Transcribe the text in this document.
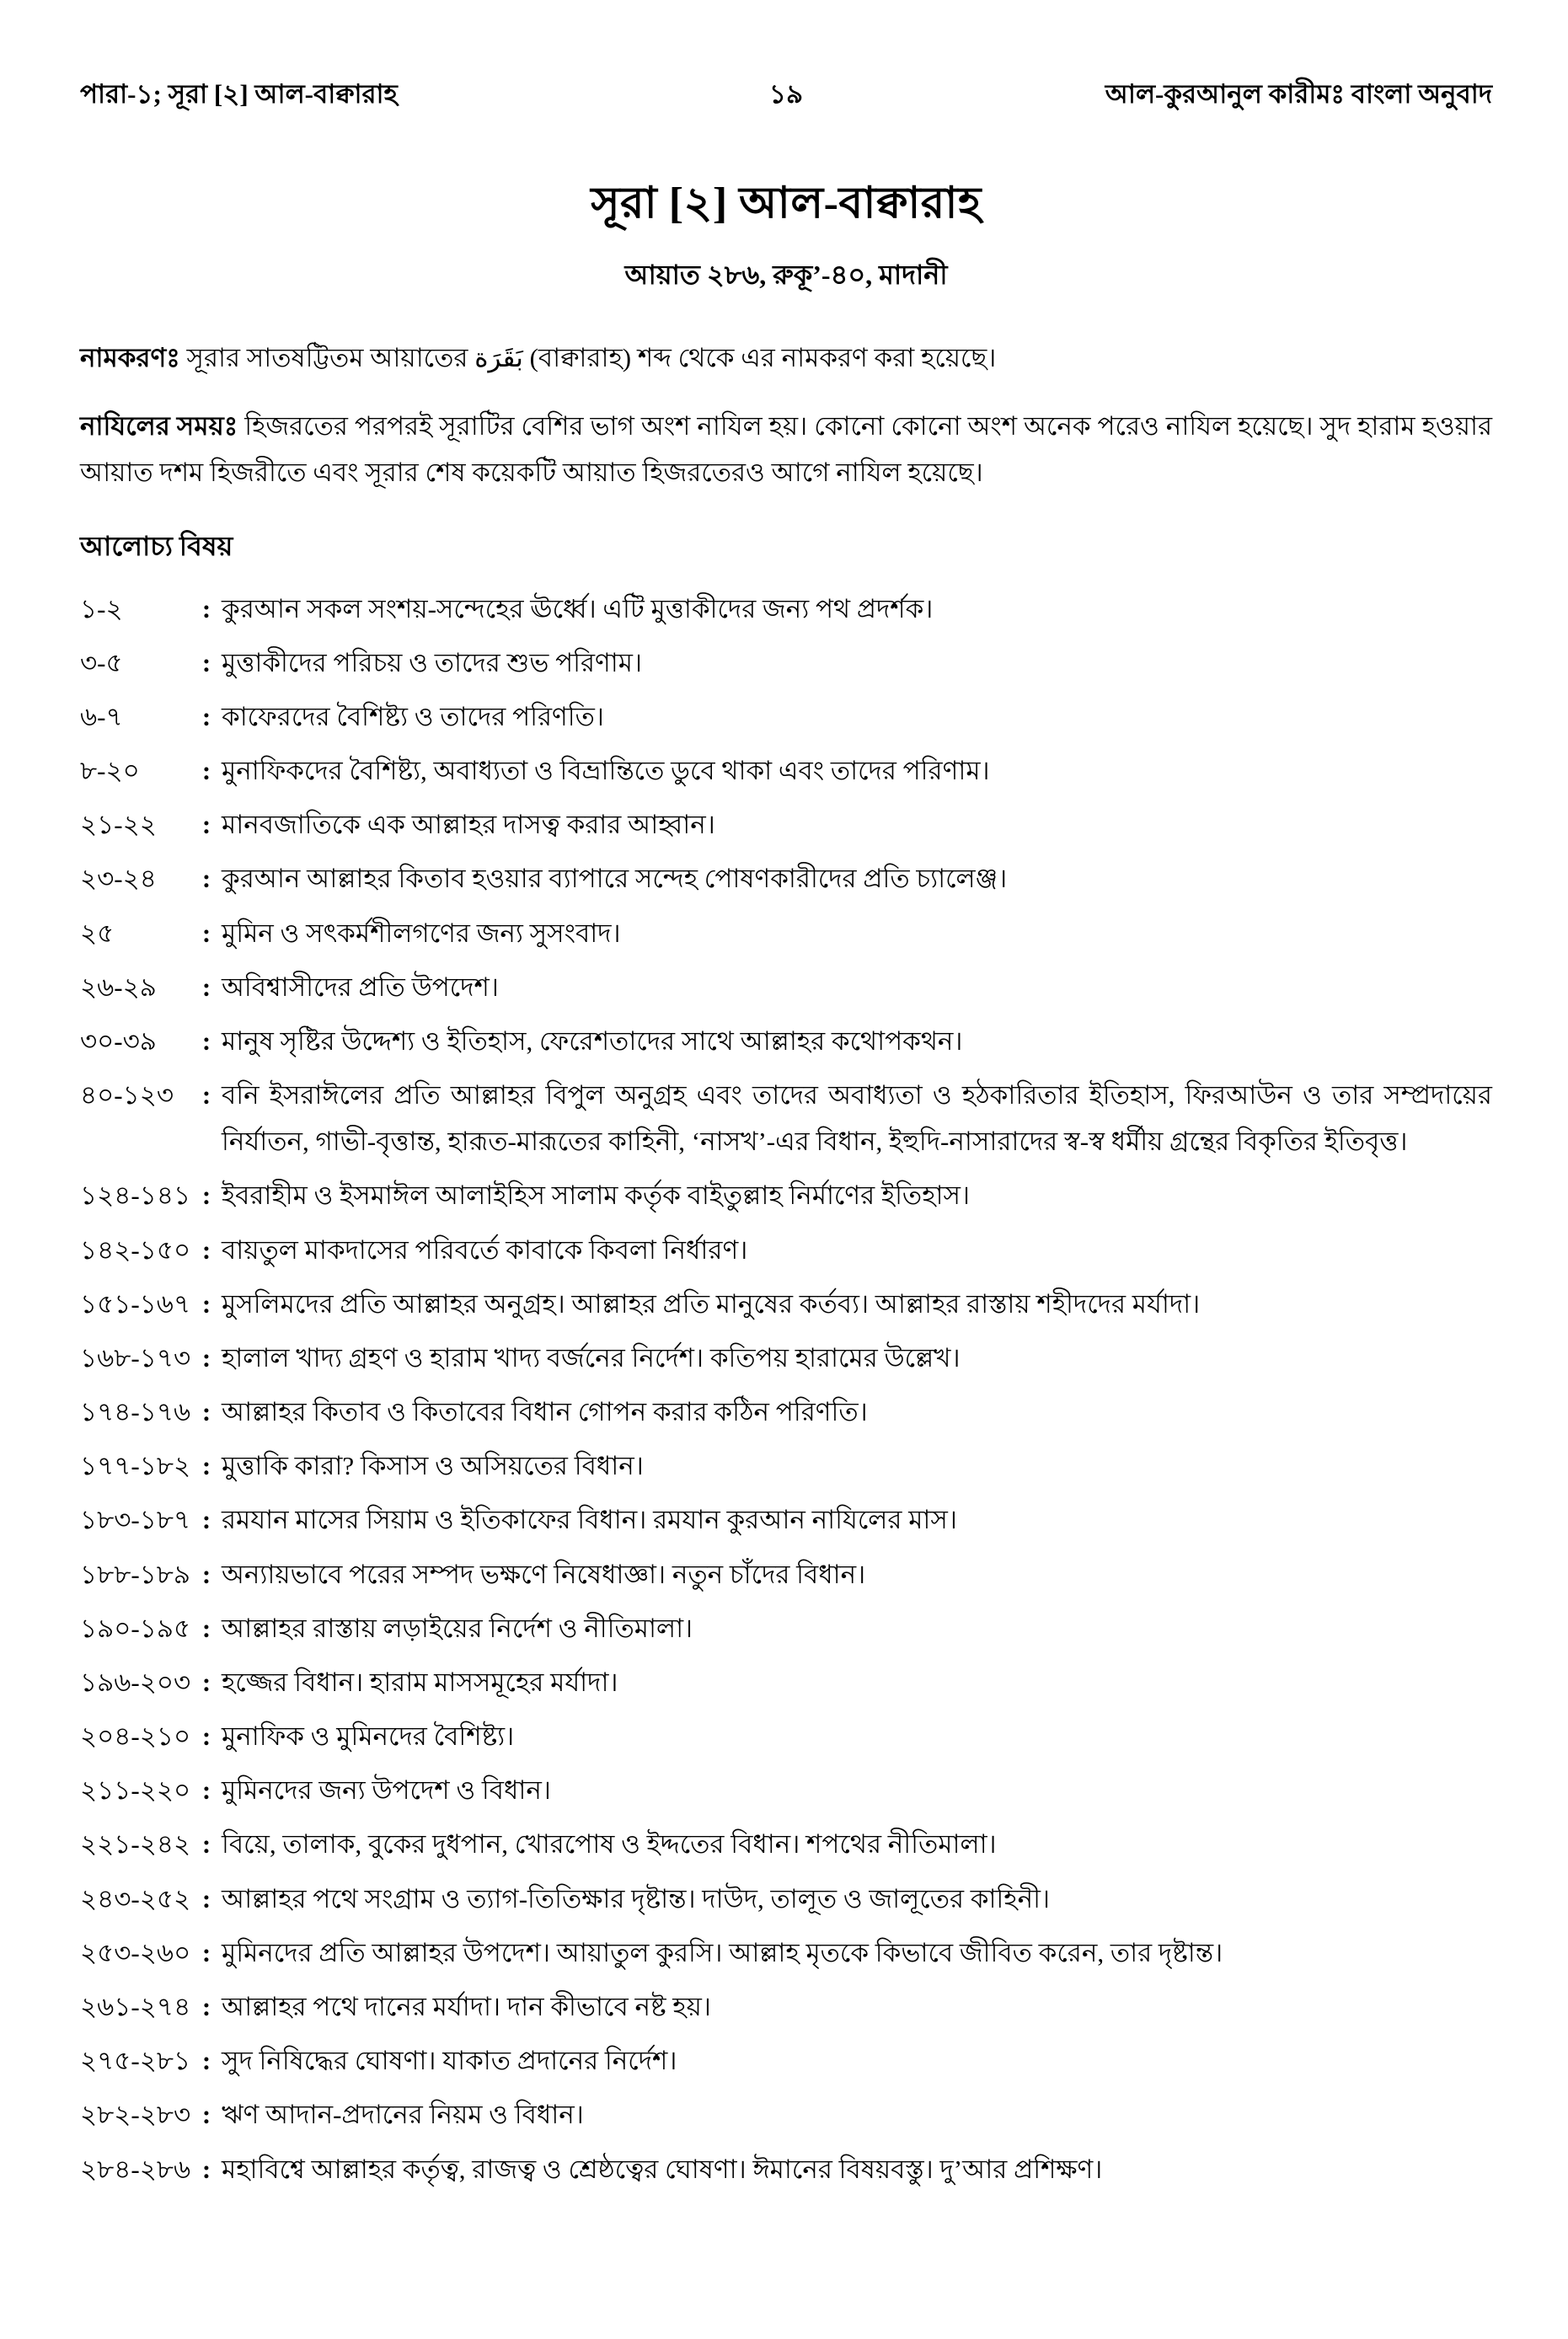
পারা-১; সূরা [২] আল-বাক্বারাহ	১৯	আল-কুরআনুল কারীমঃ বাংলা অনুবাদ
সূরা [২] আল-বাক্বারাহ
আয়াত ২৮৬, রুকূ’-৪০, মাদানী

নামকরণঃ সূরার সাতষট্টিতম আয়াতের بَقَرَة (বাক্বারাহ) শব্দ থেকে এর নামকরণ করা হয়েছে।

নাযিলের সময়ঃ হিজরতের পরপরই সূরাটির বেশির ভাগ অংশ নাযিল হয়। কোনো কোনো অংশ অনেক পরেও নাযিল হয়েছে। সুদ হারাম হওয়ার আয়াত দশম হিজরীতে এবং সূরার শেষ কয়েকটি আয়াত হিজরতেরও আগে নাযিল হয়েছে।

আলোচ্য বিষয়
১-২	: কুরআন সকল সংশয়-সন্দেহের ঊর্ধ্বে। এটি মুত্তাকীদের জন্য পথ প্রদর্শক।
৩-৫	: মুত্তাকীদের পরিচয় ও তাদের শুভ পরিণাম।
৬-৭	: কাফেরদের বৈশিষ্ট্য ও তাদের পরিণতি।
৮-২০	: মুনাফিকদের বৈশিষ্ট্য, অবাধ্যতা ও বিভ্রান্তিতে ডুবে থাকা এবং তাদের পরিণাম।
২১-২২	: মানবজাতিকে এক আল্লাহর দাসত্ব করার আহ্বান।
২৩-২৪	: কুরআন আল্লাহর কিতাব হওয়ার ব্যাপারে সন্দেহ পোষণকারীদের প্রতি চ্যালেঞ্জ।
২৫	: মুমিন ও সৎকর্মশীলগণের জন্য সুসংবাদ।
২৬-২৯	: অবিশ্বাসীদের প্রতি উপদেশ।
৩০-৩৯	: মানুষ সৃষ্টির উদ্দেশ্য ও ইতিহাস, ফেরেশতাদের সাথে আল্লাহর কথোপকথন।
৪০-১২৩	: বনি ইসরাঈলের প্রতি আল্লাহর বিপুল অনুগ্রহ এবং তাদের অবাধ্যতা ও হঠকারিতার ইতিহাস, ফিরআউন ও তার সম্প্রদায়ের নির্যাতন, গাভী-বৃত্তান্ত, হারূত-মারূতের কাহিনী, ‘নাসখ’-এর বিধান, ইহুদি-নাসারাদের স্ব-স্ব ধর্মীয় গ্রন্থের বিকৃতির ইতিবৃত্ত।
১২৪-১৪১ : ইবরাহীম ও ইসমাঈল আলাইহিস সালাম কর্তৃক বাইতুল্লাহ নির্মাণের ইতিহাস।
১৪২-১৫০ : বায়তুল মাকদাসের পরিবর্তে কাবাকে কিবলা নির্ধারণ।
১৫১-১৬৭ : মুসলিমদের প্রতি আল্লাহর অনুগ্রহ। আল্লাহর প্রতি মানুষের কর্তব্য। আল্লাহর রাস্তায় শহীদদের মর্যাদা।
১৬৮-১৭৩ : হালাল খাদ্য গ্রহণ ও হারাম খাদ্য বর্জনের নির্দেশ। কতিপয় হারামের উল্লেখ।
১৭৪-১৭৬ : আল্লাহর কিতাব ও কিতাবের বিধান গোপন করার কঠিন পরিণতি।
১৭৭-১৮২ : মুত্তাকি কারা? কিসাস ও অসিয়তের বিধান।
১৮৩-১৮৭ : রমযান মাসের সিয়াম ও ইতিকাফের বিধান। রমযান কুরআন নাযিলের মাস।
১৮৮-১৮৯ : অন্যায়ভাবে পরের সম্পদ ভক্ষণে নিষেধাজ্ঞা। নতুন চাঁদের বিধান।
১৯০-১৯৫ : আল্লাহর রাস্তায় লড়াইয়ের নির্দেশ ও নীতিমালা।
১৯৬-২০৩ : হজ্জের বিধান। হারাম মাসসমূহের মর্যাদা।
২০৪-২১০ : মুনাফিক ও মুমিনদের বৈশিষ্ট্য।
২১১-২২০ : মুমিনদের জন্য উপদেশ ও বিধান।
২২১-২৪২ : বিয়ে, তালাক, বুকের দুধপান, খোরপোষ ও ইদ্দতের বিধান। শপথের নীতিমালা।
২৪৩-২৫২ : আল্লাহর পথে সংগ্রাম ও ত্যাগ-তিতিক্ষার দৃষ্টান্ত। দাউদ, তালূত ও জালূতের কাহিনী।
২৫৩-২৬০ : মুমিনদের প্রতি আল্লাহর উপদেশ। আয়াতুল কুরসি। আল্লাহ মৃতকে কিভাবে জীবিত করেন, তার দৃষ্টান্ত।
২৬১-২৭৪ : আল্লাহর পথে দানের মর্যাদা। দান কীভাবে নষ্ট হয়।
২৭৫-২৮১ : সুদ নিষিদ্ধের ঘোষণা। যাকাত প্রদানের নির্দেশ।
২৮২-২৮৩ : ঋণ আদান-প্রদানের নিয়ম ও বিধান।
২৮৪-২৮৬ : মহাবিশ্বে আল্লাহর কর্তৃত্ব, রাজত্ব ও শ্রেষ্ঠত্বের ঘোষণা। ঈমানের বিষয়বস্তু। দু’আর প্রশিক্ষণ।
